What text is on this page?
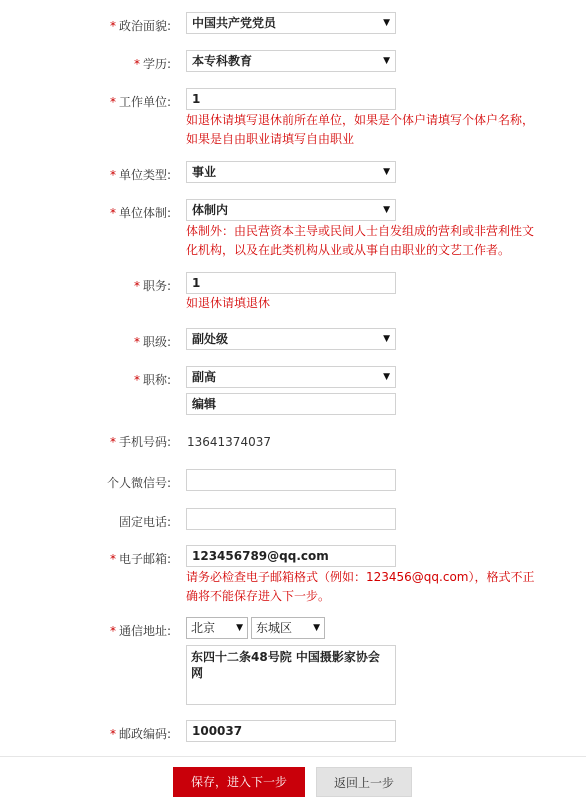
* 政治面貌:	中国共产党党员	▼
* 学历:	本专科教育	▼
* 工作单位:	1
如退休请填写退休前所在单位，如果是个体户请填写个体户名称，
如果是自由职业请填写自由职业
* 单位类型:	事业	▼
* 单位体制:	体制内	▼
体制外：由民营资本主导或民间人士自发组成的营利或非营利性文
化机构，以及在此类机构从业或从事自由职业的文艺工作者。
* 职务:	1
如退休请填退休
* 职级:	副处级	▼
* 职称:	副高	▼
编辑
* 手机号码: 13641374037
个人微信号:
固定电话:
* 电子邮箱:	123456789@qq.com
请务必检查电子邮箱格式（例如：123456@qq.com），格式不正
确将不能保存进入下一步。
* 通信地址:	北京 ▼	东城区 ▼
东四十二条48号院 中国摄影家协会网
* 邮政编码:	100037
保存，进入下一步	返回上一步
